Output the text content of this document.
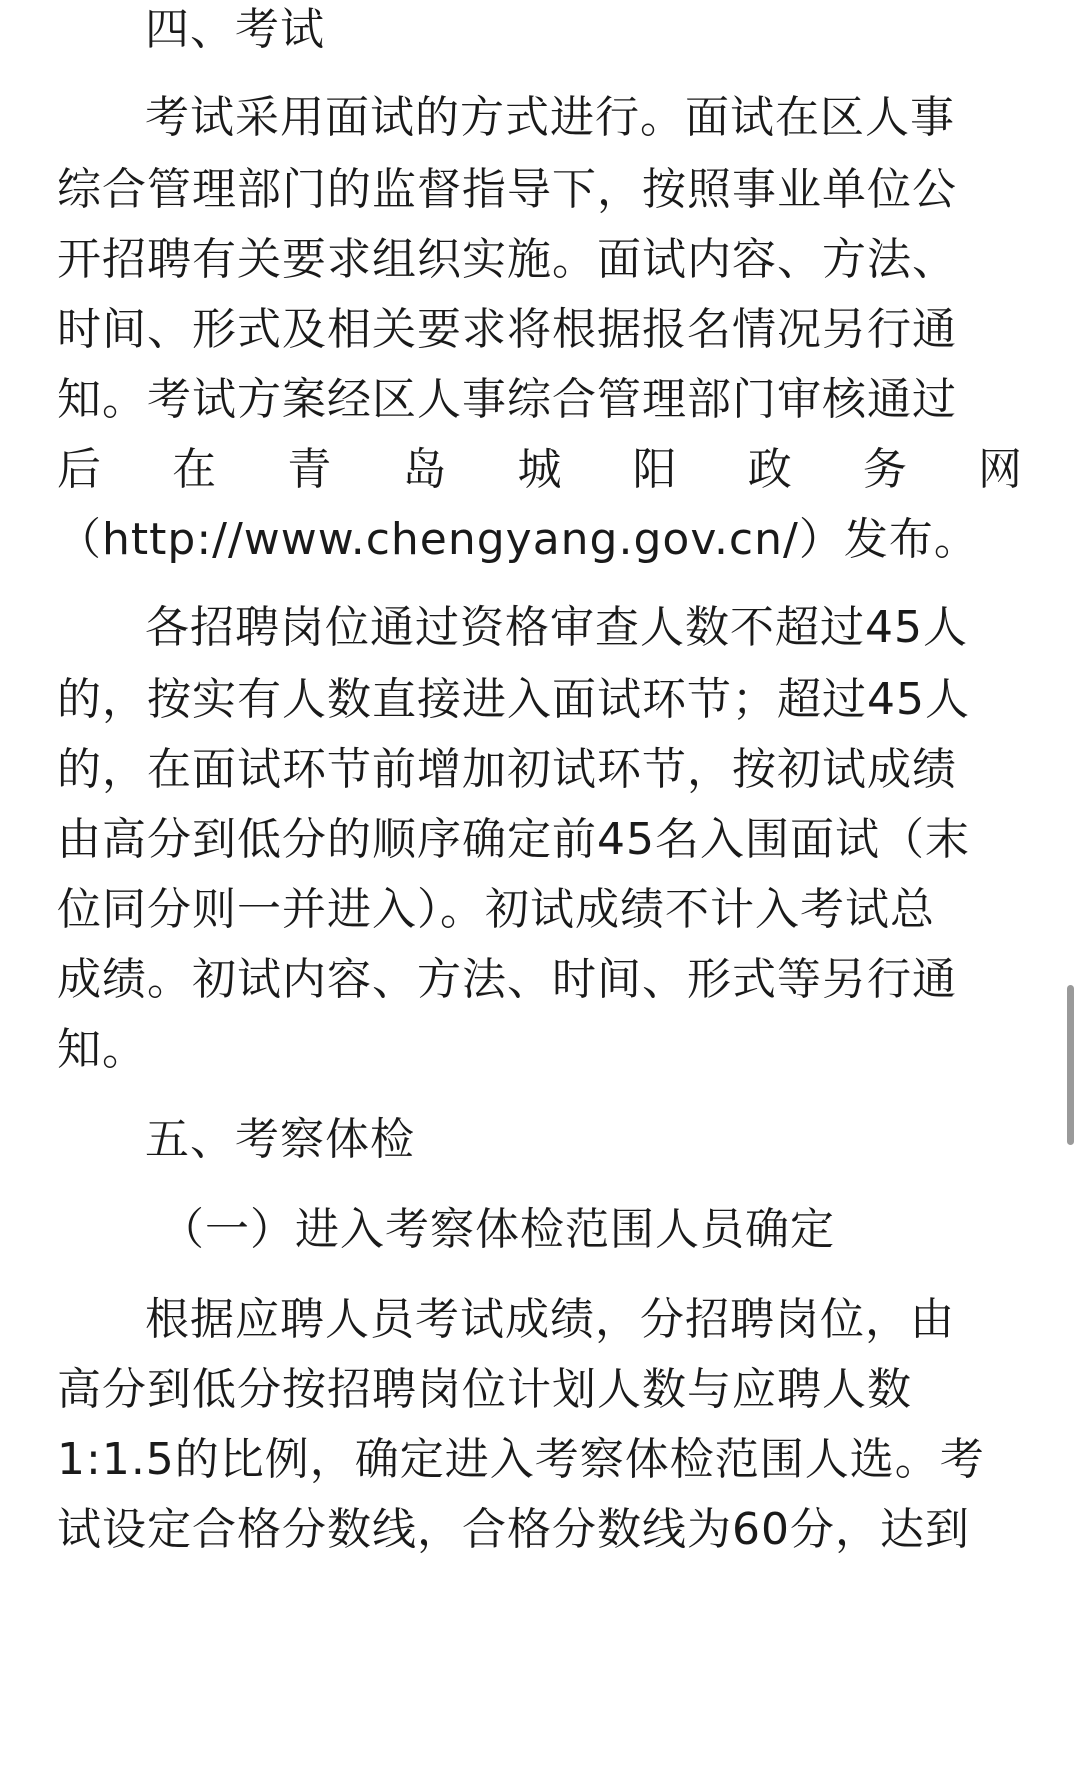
四、考试
考试采用面试的方式进行。面试在区人事
综合管理部门的监督指导下，按照事业单位公
开招聘有关要求组织实施。面试内容、方法、
时间、形式及相关要求将根据报名情况另行通
知。考试方案经区人事综合管理部门审核通过
后 在 青 岛 城 阳 政 务 网
（http://www.chengyang.gov.cn/）发布。
各招聘岗位通过资格审查人数不超过45人
的，按实有人数直接进入面试环节；超过45人
的，在面试环节前增加初试环节，按初试成绩
由高分到低分的顺序确定前45名入围面试（末
位同分则一并进入）。初试成绩不计入考试总
成绩。初试内容、方法、时间、形式等另行通
知。
五、考察体检
（一）进入考察体检范围人员确定
根据应聘人员考试成绩，分招聘岗位，由
高分到低分按招聘岗位计划人数与应聘人数
1:1.5的比例，确定进入考察体检范围人选。考
试设定合格分数线，合格分数线为60分，达到
